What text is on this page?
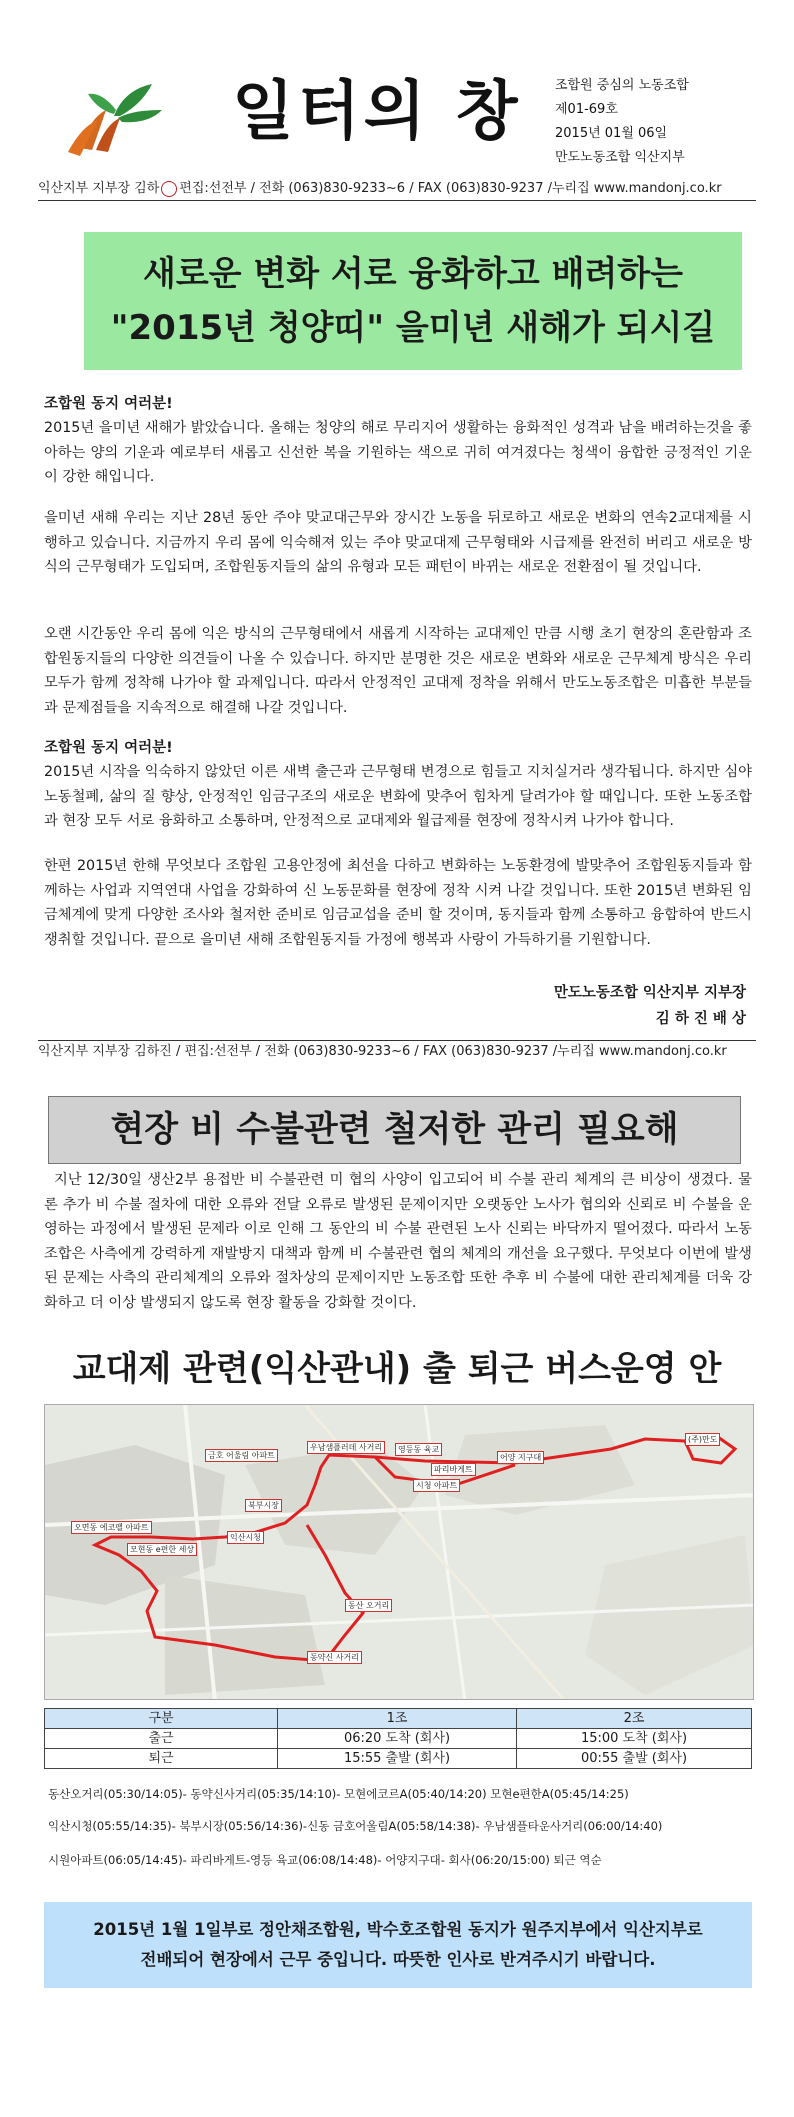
일터의 창	조합원 중심의 노동조합
제01-69호
2015년 01월 06일
만도노동조합 익산지부
익산지부 지부장 김하 편집:선전부 / 전화 (063)830-9233~6 / FAX (063)830-9237 /누리집 www.mandonj.co.kr
새로운 변화 서로 융화하고 배려하는
"2015년 청양띠" 을미년 새해가 되시길
조합원 동지 여러분!
2015년 을미년 새해가 밝았습니다. 올해는 청양의 해로 무리지어 생활하는 융화적인 성격과 남을 배려하는것을 좋아하는 양의 기운과 예로부터 새롭고 신선한 복을 기원하는 색으로 귀히 여겨졌다는 청색이 융합한 긍정적인 기운이 강한 해입니다.
을미년 새해 우리는 지난 28년 동안 주야 맞교대근무와 장시간 노동을 뒤로하고 새로운 변화의 연속2교대제를 시행하고 있습니다. 지금까지 우리 몸에 익숙해져 있는 주야 맞교대제 근무형태와 시급제를 완전히 버리고 새로운 방식의 근무형태가 도입되며, 조합원동지들의 삶의 유형과 모든 패턴이 바뀌는 새로운 전환점이 될 것입니다.
오랜 시간동안 우리 몸에 익은 방식의 근무형태에서 새롭게 시작하는 교대제인 만큼 시행 초기 현장의 혼란함과 조합원동지들의 다양한 의견들이 나올 수 있습니다. 하지만 분명한 것은 새로운 변화와 새로운 근무체계 방식은 우리 모두가 함께 정착해 나가야 할 과제입니다. 따라서 안정적인 교대제 정착을 위해서 만도노동조합은 미흡한 부분들과 문제점들을 지속적으로 해결해 나갈 것입니다.
조합원 동지 여러분!
2015년 시작을 익숙하지 않았던 이른 새벽 출근과 근무형태 변경으로 힘들고 지치실거라 생각됩니다. 하지만 심야노동철폐, 삶의 질 향상, 안정적인 임금구조의 새로운 변화에 맞추어 힘차게 달려가야 할 때입니다. 또한 노동조합과 현장 모두 서로 융화하고 소통하며, 안정적으로 교대제와 월급제를 현장에 정착시켜 나가야 합니다.
한편 2015년 한해 무엇보다 조합원 고용안정에 최선을 다하고 변화하는 노동환경에 발맞추어 조합원동지들과 함께하는 사업과 지역연대 사업을 강화하여 신 노동문화를 현장에 정착 시켜 나갈 것입니다. 또한 2015년 변화된 임금체계에 맞게 다양한 조사와 철저한 준비로 임금교섭을 준비 할 것이며, 동지들과 함께 소통하고 융합하여 반드시 쟁취할 것입니다. 끝으로 을미년 새해 조합원동지들 가정에 행복과 사랑이 가득하기를 기원합니다.
만도노동조합 익산지부 지부장
김 하 진 배 상
익산지부 지부장 김하진 / 편집:선전부 / 전화 (063)830-9233~6 / FAX (063)830-9237 /누리집 www.mandonj.co.kr
현장 비 수불관련 철저한 관리 필요해
지난 12/30일 생산2부 용접반 비 수불관련 미 협의 사양이 입고되어 비 수불 관리 체계의 큰 비상이 생겼다. 물론 추가 비 수불 절차에 대한 오류와 전달 오류로 발생된 문제이지만 오랫동안 노사가 협의와 신뢰로 비 수불을 운영하는 과정에서 발생된 문제라 이로 인해 그 동안의 비 수불 관련된 노사 신뢰는 바닥까지 떨어졌다. 따라서 노동조합은 사측에게 강력하게 재발방지 대책과 함께 비 수불관련 협의 체계의 개선을 요구했다. 무엇보다 이번에 발생된 문제는 사측의 관리체계의 오류와 절차상의 문제이지만 노동조합 또한 추후 비 수불에 대한 관리체계를 더욱 강화하고 더 이상 발생되지 않도록 현장 활동을 강화할 것이다.
교대제 관련(익산관내) 출 퇴근 버스운영 안
금호 어울림 아파트
우남샘플러데 사거리	영등동 육교
어양 지구대
(주)만도
시청 아파트
파리바게트
북부시장
오면동 에코팰 아파트
모현동 e편한 세상
익산시청
동산 오거리
동약신 사거리
구분	1조	2조
출근	06:20 도착 (회사)	15:00 도착 (회사)
퇴근	15:55 출발 (회사)	00:55 출발 (회사)
동산오거리(05:30/14:05)- 동약신사거리(05:35/14:10)- 모현에코르A(05:40/14:20) 모현e편한A(05:45/14:25)
익산시청(05:55/14:35)- 북부시장(05:56/14:36)-신동 금호어울림A(05:58/14:38)- 우남샘플타운사거리(06:00/14:40)
시원아파트(06:05/14:45)- 파리바게트-영등 육교(06:08/14:48)- 어양지구대- 회사(06:20/15:00) 퇴근 역순
2015년 1월 1일부로 정안채조합원, 박수호조합원 동지가 원주지부에서 익산지부로
전배되어 현장에서 근무 중입니다. 따뜻한 인사로 반겨주시기 바랍니다.
